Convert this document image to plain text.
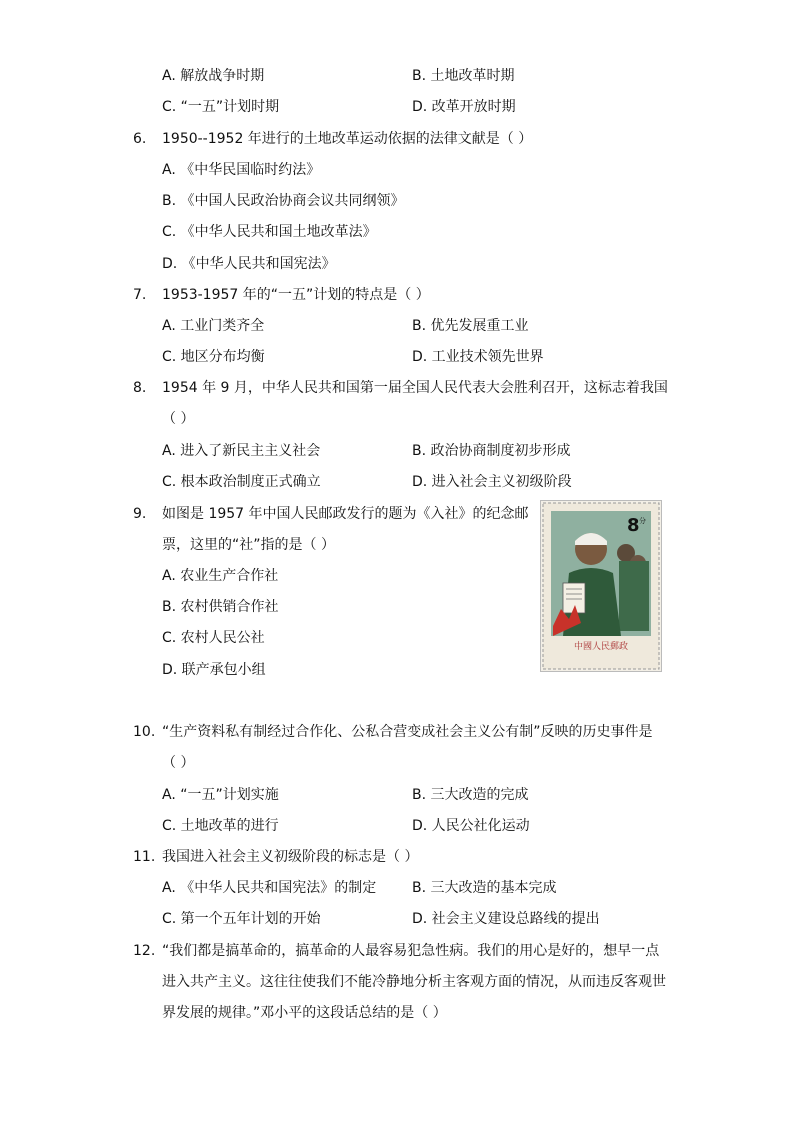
A. 解放战争时期	B. 土地改革时期
C. “一五”计划时期	D. 改革开放时期
6. 1950--1952 年进行的土地改革运动依据的法律文献是（ ）
A. 《中华民国临时约法》
B. 《中国人民政治协商会议共同纲领》
C. 《中华人民共和国土地改革法》
D. 《中华人民共和国宪法》
7. 1953-1957 年的“一五”计划的特点是（ ）
A. 工业门类齐全	B. 优先发展重工业
C. 地区分布均衡	D. 工业技术领先世界
8. 1954 年 9 月，中华人民共和国第一届全国人民代表大会胜利召开，这标志着我国
（ ）
A. 进入了新民主主义社会	B. 政治协商制度初步形成
C. 根本政治制度正式确立	D. 进入社会主义初级阶段
9. 如图是 1957 年中国人民邮政发行的题为《入社》的纪念邮
票，这里的“社”指的是（ ）
A. 农业生产合作社
B. 农村供销合作社
C. 农村人民公社
D. 联产承包小组
8 分
中國人民郵政
10. “生产资料私有制经过合作化、公私合营变成社会主义公有制”反映的历史事件是
（ ）
A. “一五”计划实施	B. 三大改造的完成
C. 土地改革的进行	D. 人民公社化运动
11. 我国进入社会主义初级阶段的标志是（ ）
A. 《中华人民共和国宪法》的制定	B. 三大改造的基本完成
C. 第一个五年计划的开始	D. 社会主义建设总路线的提出
12. “我们都是搞革命的，搞革命的人最容易犯急性病。我们的用心是好的，想早一点
进入共产主义。这往往使我们不能冷静地分析主客观方面的情况，从而违反客观世
界发展的规律。”邓小平的这段话总结的是（ ）
